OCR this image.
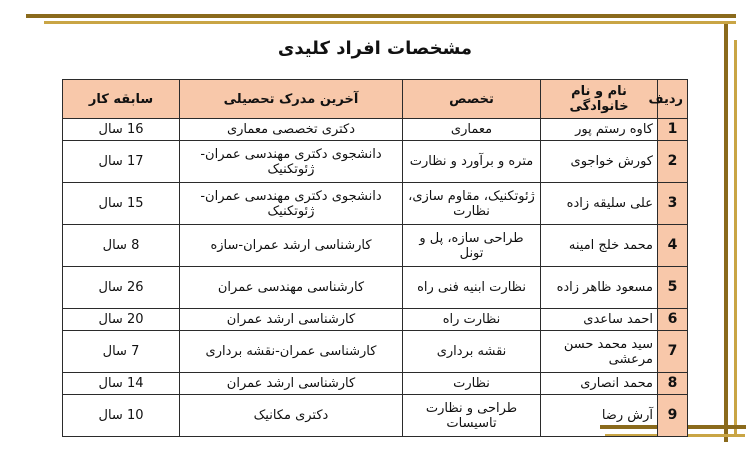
مشخصات افراد کلیدی
ردیف	نام و نام خانوادگی	تخصص	آخرین مدرک تحصیلی	سابقه کار
1	کاوه رستم پور	معماری	دکتری تخصصی معماری	16 سال
2	کورش خواجوی	متره و برآورد و نظارت	دانشجوی دکتری مهندسی عمران-ژئوتکنیک	17 سال
3	علی سلیقه زاده	ژئوتکنیک، مقاوم سازی، نظارت	دانشجوی دکتری مهندسی عمران-ژئوتکنیک	15 سال
4	محمد خلج امینه	طراحی سازه، پل و تونل	کارشناسی ارشد عمران-سازه	8 سال
5	مسعود ظاهر زاده	نظارت ابنیه فنی راه	کارشناسی مهندسی عمران	26 سال
6	احمد ساعدی	نظارت راه	کارشناسی ارشد عمران	20 سال
7	سید محمد حسن مرعشی	نقشه برداری	کارشناسی عمران-نقشه برداری	7 سال
8	محمد انصاری	نظارت	کارشناسی ارشد عمران	14 سال
9	آرش رضا	طراحی و نظارت تاسیسات	دکتری مکانیک	10 سال
